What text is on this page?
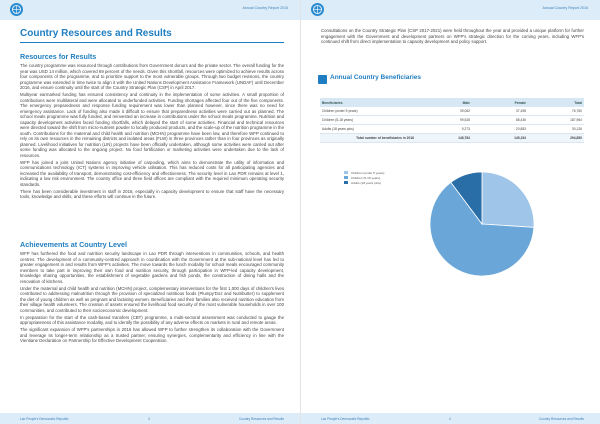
Annual Country Report 2016
Country Resources and Results
Resources for Results

The country programme was resourced through contributions from Government donors and the private sector. The overall funding for the year was USD 14 million, which covered 69 percent of the needs. Given this shortfall, resources were optimized to achieve results across four components of the programme, and to prioritize support to the most vulnerable groups. Through two budget revisions, the country programme was extended in time twice to align it with the United Nations Development Assistance Framework (UNDAF) until December 2016, and ensure continuity until the start of the Country Strategic Plan (CSP) in April 2017.

Multiyear earmarked funding has ensured consistency and continuity in the implementation of some activities. A small proportion of contributions were multilateral and were allocated to underfunded activities. Funding shortages affected four out of the five components. The emergency preparedness and response funding requirement was lower than planned however, since there was no need for emergency assistance. Lack of funding also made it difficult to ensure that preparedness activities were carried out as planned. The school meals programme was fully funded, and reinvested an increase in contributions under the school meals programme. Nutrition and capacity development activities faced funding shortfalls, which delayed the start of some activities. Financial and technical resources were directed toward the shift from micro-nutrient powder to locally produced products, and the scale-up of the nutrition programme in the south. Contributions for the maternal and child health and nutrition (MCHN) programme have been low, and therefore WFP continued to rely on its own resources in the remaining districts and isolated areas (FLW) in three provinces rather than in four provinces as originally planned. Livelihood initiatives for nutrition (LIN) projects have been officially undertaken, although some activities were carried out after some funding was allocated to the ongoing project. No food fortification or marketing activities were undertaken due to the lack of resources.

WFP has joined a joint United Nations agency initiative of carpooling, which aims to demonstrate the utility of information and communications technology (ICT) systems in improving vehicle utilisation. This has reduced costs for all participating agencies and increased the availability of transport, demonstrating cost-efficiency and effectiveness. The security level in Lao PDR remains at level 1, indicating a low risk environment. The country office and three field offices are compliant with the required minimum operating security standards.

There has been considerable investment in staff in 2016, especially in capacity development to ensure that staff have the necessary tools, knowledge and skills, and these efforts will continue in the future.

Achievements at Country Level

WFP has furthered the food and nutrition security landscape in Lao PDR through interventions in communities, schools, and health centres. The development of a community-centred approach in coordination with the Government at the sub-national level has led to greater engagement in and results from WFP's activities. The move towards the lunch modality for school meals encouraged community members to take part in improving their own food and nutrition security, through participation in WFP-led capacity development, knowledge sharing opportunities, the establishment of vegetable gardens and fish ponds, the construction of dining halls and the renovation of kitchens.

Under the maternal and child health and nutrition (MCHN) project, complementary interventions for the first 1,000 days of children's lives contributed to addressing malnutrition through the provision of specialized nutritious foods (Plumpy'Doz and Nutributter) to supplement the diet of young children as well as pregnant and lactating women. Beneficiaries and their families also received nutrition education from their village health volunteers. The creation of assets ensured the livelihood food security of the most vulnerable households in over 100 communities, and contributed to their socioeconomic development.

In preparation for the start of the cash-based transfers (CBT) programme, a multi-sectoral assessment was conducted to gauge the appropriateness of this assistance modality, and to identify the possibility of any adverse effects on markets in rural and remote areas.

The significant expansion of WFP's partnerships in 2016 has allowed WFP to further strengthen its collaboration with the Government and leverage its longer-term relationship as a trusted partner, ensuring synergies, complementarity and efficiency in line with the Vientiane Declaration on Partnership for Effective Development Cooperation.

Lao People's Democratic Republic	3	Country Resources and Results
Annual Country Report 2016

Consultations on the Country Strategic Plan (CSP 2017-2021) were held throughout the year and provided a unique platform for further engagement with the Government and development partners on WFP's strategic direction for the coming years, including WFP's continued shift from direct implementation to capacity development and policy support.

Lao People's Democratic Republic	4	Country Resources and Results
Annual Country Beneficiaries
Beneficiaries	Male	Female	Total
Children (under 5 years)	39,062	37,498	76,760
Children (5-18 years)	99,528	88,436	187,964
Adults (18 years plus)	9,273	20,853	30,126
Total number of beneficiaries in 2016	148,784	145,154	294,850
Children (under 5 years)
Children (5-18 years)
Adults (18 years plus)
